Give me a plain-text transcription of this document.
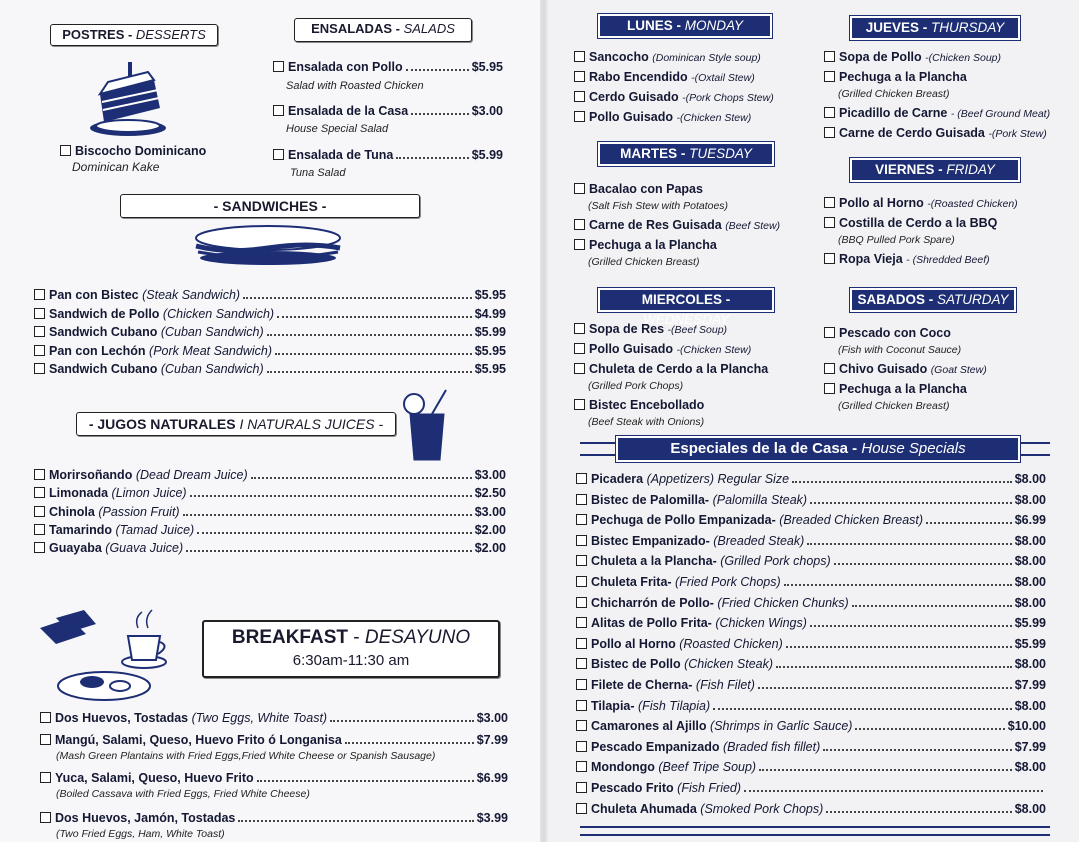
POSTRES - DESSERTS
Biscocho Dominicano
Dominican Kake
ENSALADAS - SALADS
Ensalada con Pollo	$5.95
Salad with Roasted Chicken
Ensalada de la Casa	$3.00
House Special Salad
Ensalada de Tuna	$5.99
Tuna Salad
- SANDWICHES -
Pan con Bistec (Steak Sandwich)	$5.95
Sandwich de Pollo (Chicken Sandwich)	$4.99
Sandwich Cubano (Cuban Sandwich)	$5.99
Pan con Lechón (Pork Meat Sandwich)	$5.95
Sandwich Cubano (Cuban Sandwich)	$5.95
- JUGOS NATURALES I NATURALS JUICES -
Morirsoñando (Dead Dream Juice)	$3.00
Limonada (Limon Juice)	$2.50
Chinola (Passion Fruit)	$3.00
Tamarindo (Tamad Juice)	$2.00
Guayaba (Guava Juice)	$2.00
BREAKFAST - DESAYUNO
6:30am-11:30 am
Dos Huevos, Tostadas (Two Eggs, White Toast)	$3.00
Mangú, Salami, Queso, Huevo Frito ó Longanisa	$7.99
(Mash Green Plantains with Fried Eggs,Fried White Cheese or Spanish Sausage)
Yuca, Salami, Queso, Huevo Frito	$6.99
(Boiled Cassava with Fried Eggs, Fried White Cheese)
Dos Huevos, Jamón, Tostadas	$3.99
(Two Fried Eggs, Ham, White Toast)
LUNES - MONDAY
Sancocho (Dominican Style soup)
Rabo Encendido -(Oxtail Stew)
Cerdo Guisado -(Pork Chops Stew)
Pollo Guisado -(Chicken Stew)
MARTES - TUESDAY
Bacalao con Papas
(Salt Fish Stew with Potatoes)
Carne de Res Guisada (Beef Stew)
Pechuga a la Plancha
(Grilled Chicken Breast)
MIERCOLES - WEDNESDAY
Sopa de Res -(Beef Soup)
Pollo Guisado -(Chicken Stew)
Chuleta de Cerdo a la Plancha
(Grilled Pork Chops)
Bistec Encebollado
(Beef Steak with Onions)
JUEVES - THURSDAY
Sopa de Pollo -(Chicken Soup)
Pechuga a la Plancha
(Grilled Chicken Breast)
Picadillo de Carne - (Beef Ground Meat)
Carne de Cerdo Guisada -(Pork Stew)
VIERNES - FRIDAY
Pollo al Horno -(Roasted Chicken)
Costilla de Cerdo a la BBQ
(BBQ Pulled Pork Spare)
Ropa Vieja - (Shredded Beef)
SABADOS - SATURDAY
Pescado con Coco
(Fish with Coconut Sauce)
Chivo Guisado (Goat Stew)
Pechuga a la Plancha
(Grilled Chicken Breast)
Especiales de la de Casa - House Specials
Picadera (Appetizers) Regular Size	$8.00
Bistec de Palomilla- (Palomilla Steak)	$8.00
Pechuga de Pollo Empanizada- (Breaded Chicken Breast)	$6.99
Bistec Empanizado- (Breaded Steak)	$8.00
Chuleta a la Plancha- (Grilled Pork chops)	$8.00
Chuleta Frita- (Fried Pork Chops)	$8.00
Chicharrón de Pollo- (Fried Chicken Chunks)	$8.00
Alitas de Pollo Frita- (Chicken Wings)	$5.99
Pollo al Horno (Roasted Chicken)	$5.99
Bistec de Pollo (Chicken Steak)	$8.00
Filete de Cherna- (Fish Filet)	$7.99
Tilapia- (Fish Tilapia)	$8.00
Camarones al Ajillo (Shrimps in Garlic Sauce)	$10.00
Pescado Empanizado (Braded fish fillet)	$7.99
Mondongo (Beef Tripe Soup)	$8.00
Pescado Frito (Fish Fried)
Chuleta Ahumada (Smoked Pork Chops)	$8.00
